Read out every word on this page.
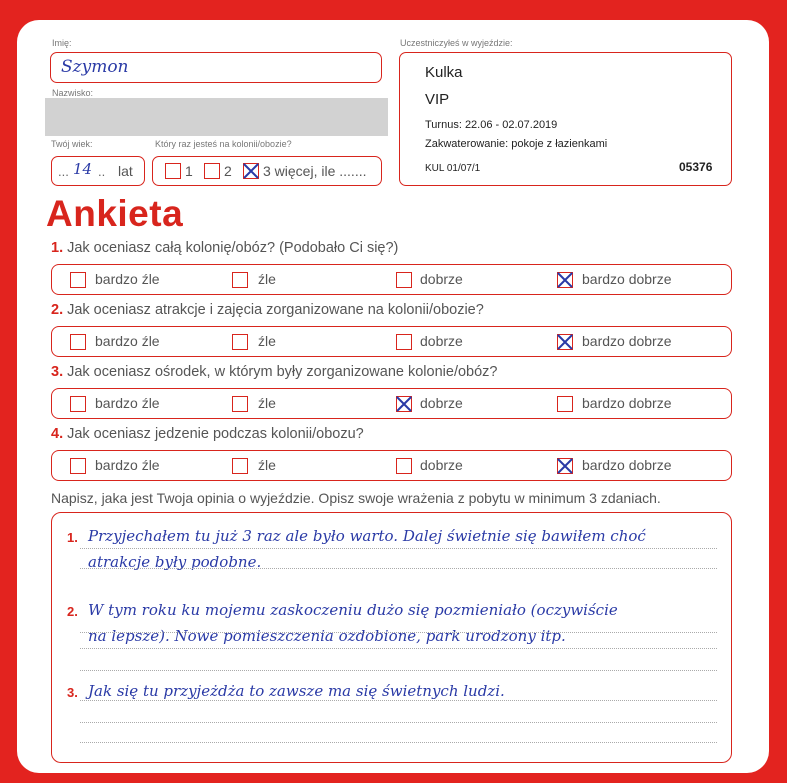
Imię:
Szymon
Nazwisko:
Twój wiek:
... 14 .. lat
Który raz jesteś na kolonii/obozie?
1 2 3 więcej, ile .......
Uczestniczyłeś w wyjeździe:
Kulka
VIP
Turnus: 22.06 - 02.07.2019
Zakwaterowanie: pokoje z łazienkami
KUL 01/07/1	05376
Ankieta
1. Jak oceniasz całą kolonię/obóz? (Podobało Ci się?)
bardzo źle	źle	dobrze	bardzo dobrze
2. Jak oceniasz atrakcje i zajęcia zorganizowane na kolonii/obozie?
bardzo źle	źle	dobrze	bardzo dobrze
3. Jak oceniasz ośrodek, w którym były zorganizowane kolonie/obóz?
bardzo źle	źle	dobrze	bardzo dobrze
4. Jak oceniasz jedzenie podczas kolonii/obozu?
bardzo źle	źle	dobrze	bardzo dobrze
Napisz, jaka jest Twoja opinia o wyjeździe. Opisz swoje wrażenia z pobytu w minimum 3 zdaniach.
1. Przyjechałem tu już 3 raz ale było warto. Dalej świetnie się bawiłem choć
atrakcje były podobne.
2. W tym roku ku mojemu zaskoczeniu dużo się pozmieniało (oczywiście
na lepsze). Nowe pomieszczenia ozdobione, park urodzony itp.
3. Jak się tu przyjeżdża to zawsze ma się świetnych ludzi.
